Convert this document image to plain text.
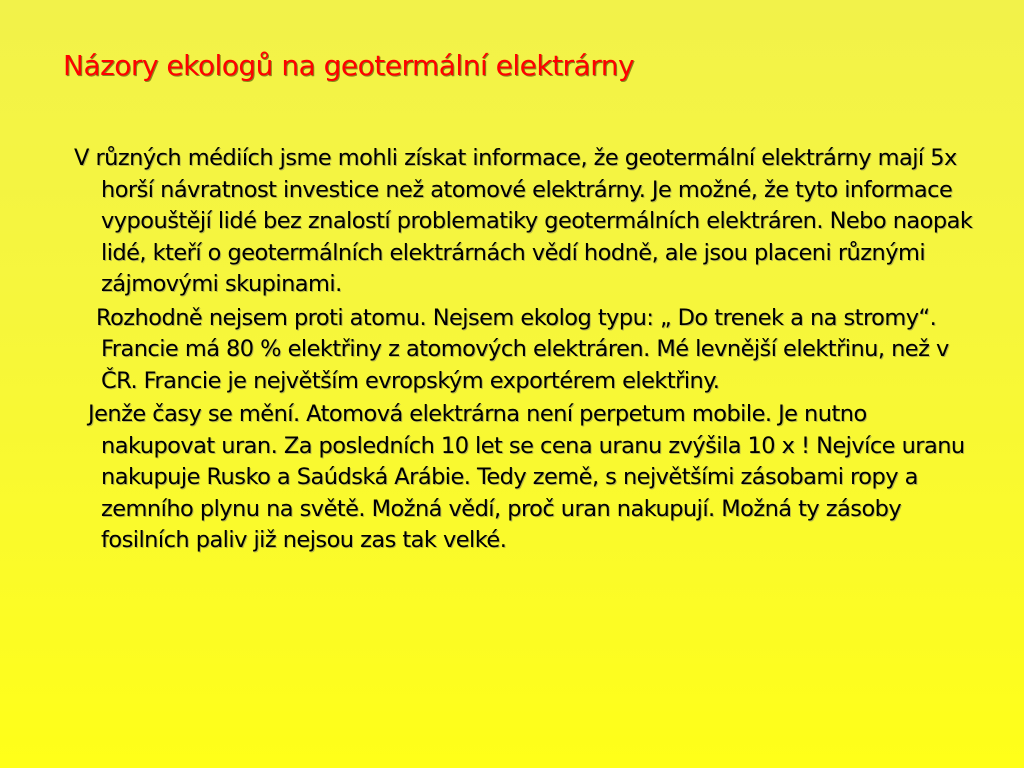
Názory ekologů na geotermální elektrárny

V různých médiích jsme mohli získat informace, že geotermální elektrárny mají 5x horší návratnost investice než atomové elektrárny. Je možné, že tyto informace vypouštějí lidé bez znalostí problematiky geotermálních elektráren. Nebo naopak lidé, kteří o geotermálních elektrárnách vědí hodně, ale jsou placeni různými zájmovými skupinami.

Rozhodně nejsem proti atomu. Nejsem ekolog typu: „ Do trenek a na stromy“. Francie má 80 % elektřiny z atomových elektráren. Mé levnější elektřinu, než v ČR. Francie je největším evropským exportérem elektřiny.

Jenže časy se mění. Atomová elektrárna není perpetum mobile. Je nutno nakupovat uran. Za posledních 10 let se cena uranu zvýšila 10 x ! Nejvíce uranu nakupuje Rusko a Saúdská Arábie. Tedy země, s největšími zásobami ropy a zemního plynu na světě. Možná vědí, proč uran nakupují. Možná ty zásoby fosilních paliv již nejsou zas tak velké.
